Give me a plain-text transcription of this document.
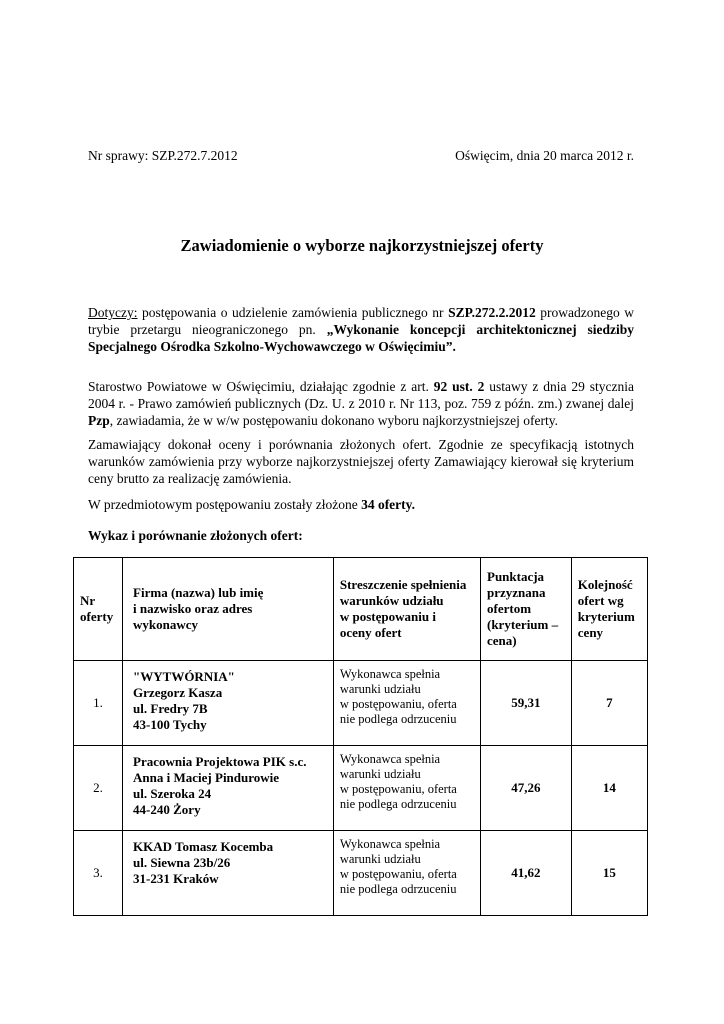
Nr sprawy: SZP.272.7.2012	Oświęcim, dnia 20 marca 2012 r.
Zawiadomienie o wyborze najkorzystniejszej oferty
Dotyczy: postępowania o udzielenie zamówienia publicznego nr SZP.272.2.2012 prowadzonego w trybie przetargu nieograniczonego pn. „Wykonanie koncepcji architektonicznej siedziby Specjalnego Ośrodka Szkolno-Wychowawczego w Oświęcimiu”.
Starostwo Powiatowe w Oświęcimiu, działając zgodnie z art. 92 ust. 2 ustawy z dnia 29 stycznia 2004 r. - Prawo zamówień publicznych (Dz. U. z 2010 r. Nr 113, poz. 759 z późn. zm.) zwanej dalej Pzp, zawiadamia, że w w/w postępowaniu dokonano wyboru najkorzystniejszej oferty.
Zamawiający dokonał oceny i porównania złożonych ofert. Zgodnie ze specyfikacją istotnych warunków zamówienia przy wyborze najkorzystniejszej oferty Zamawiający kierował się kryterium ceny brutto za realizację zamówienia.
W przedmiotowym postępowaniu zostały złożone 34 oferty.
Wykaz i porównanie złożonych ofert:
Nr
oferty	Firma (nazwa) lub imię
i nazwisko oraz adres
wykonawcy	Streszczenie spełnienia
warunków udziału
w postępowaniu i
oceny ofert	Punktacja
przyznana
ofertom
(kryterium –
cena)	Kolejność
ofert wg
kryterium
ceny

1.	"WYTWÓRNIA"
Grzegorz Kasza
ul. Fredry 7B
43-100 Tychy	Wykonawca spełnia
warunki udziału
w postępowaniu, oferta
nie podlega odrzuceniu	59,31	7
2.	Pracownia Projektowa PIK s.c.
Anna i Maciej Pindurowie
ul. Szeroka 24
44-240 Żory	Wykonawca spełnia
warunki udziału
w postępowaniu, oferta
nie podlega odrzuceniu	47,26	14
3.	KKAD Tomasz Kocemba
ul. Siewna 23b/26
31-231 Kraków	Wykonawca spełnia
warunki udziału
w postępowaniu, oferta
nie podlega odrzuceniu	41,62	15
